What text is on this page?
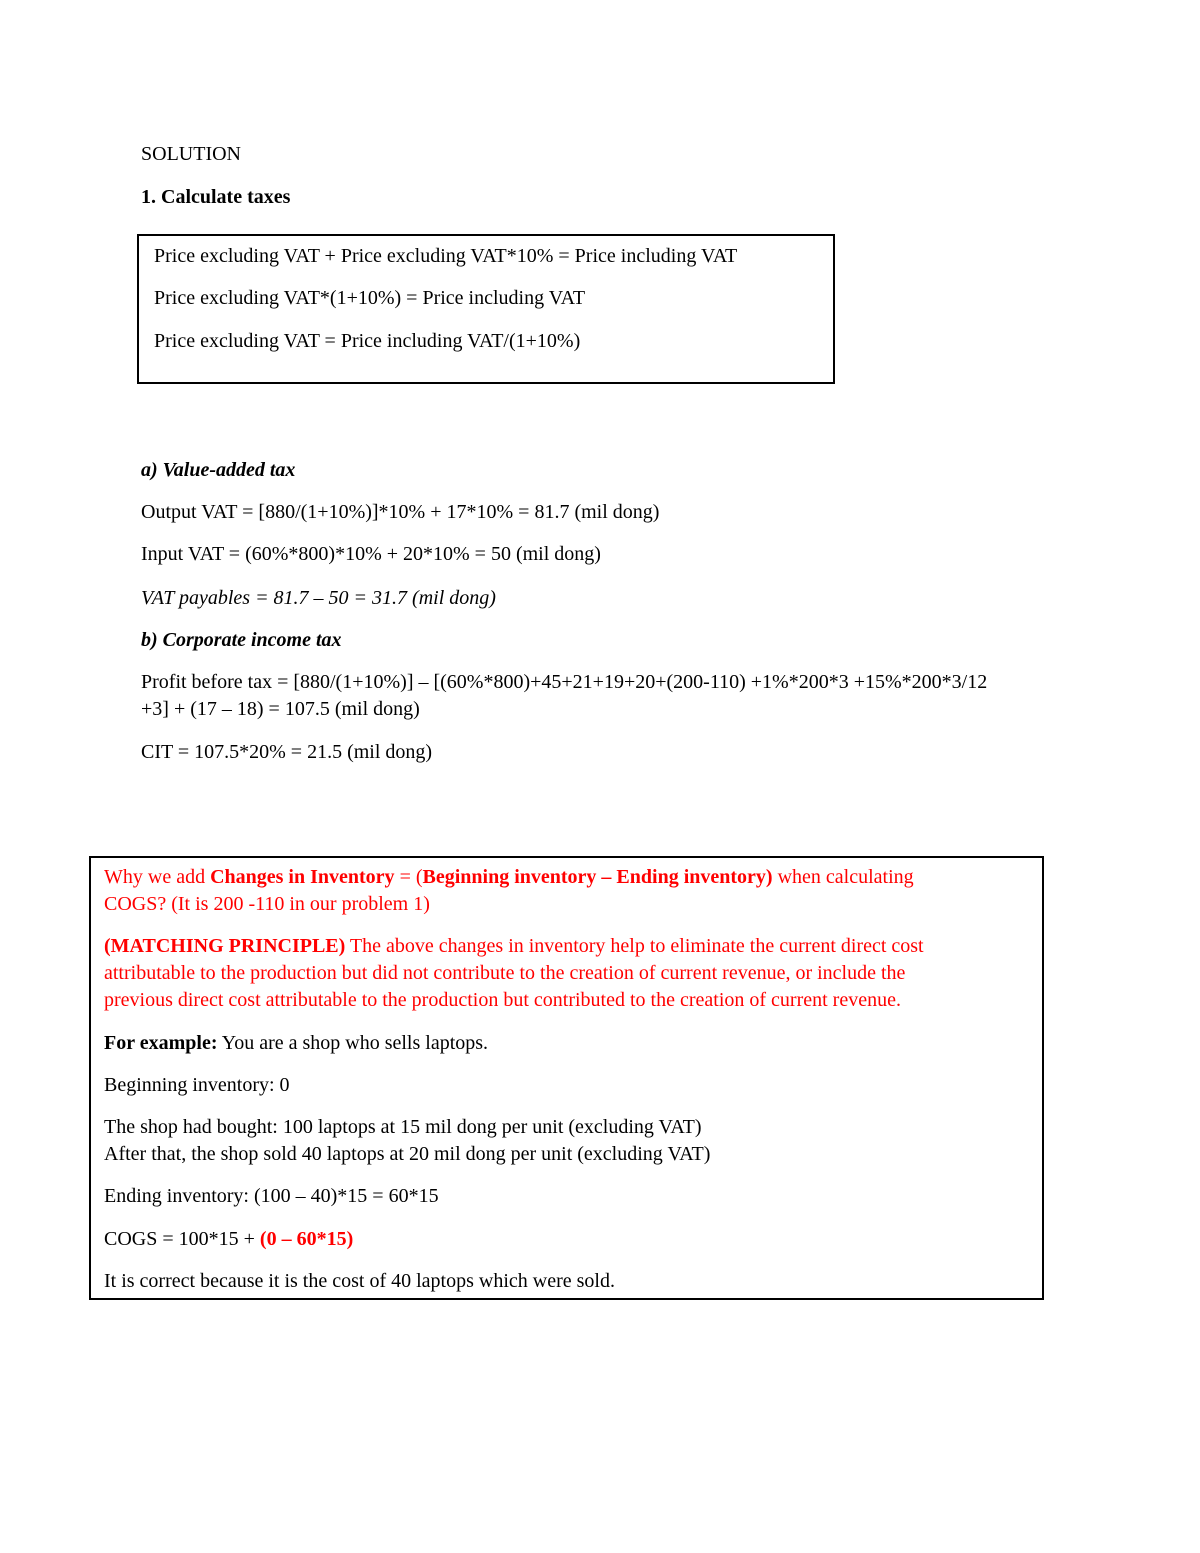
SOLUTION
1. Calculate taxes
Price excluding VAT + Price excluding VAT*10% = Price including VAT
Price excluding VAT*(1+10%) = Price including VAT
Price excluding VAT = Price including VAT/(1+10%)
a) Value-added tax
Output VAT = [880/(1+10%)]*10% + 17*10% = 81.7 (mil dong)
Input VAT = (60%*800)*10% + 20*10% = 50 (mil dong)
VAT payables = 81.7 – 50 = 31.7 (mil dong)
b) Corporate income tax
Profit before tax = [880/(1+10%)] – [(60%*800)+45+21+19+20+(200-110) +1%*200*3 +15%*200*3/12
+3] + (17 – 18) = 107.5 (mil dong)
CIT = 107.5*20% = 21.5 (mil dong)
Why we add Changes in Inventory = (Beginning inventory – Ending inventory) when calculating
COGS? (It is 200 -110 in our problem 1)
(MATCHING PRINCIPLE) The above changes in inventory help to eliminate the current direct cost
attributable to the production but did not contribute to the creation of current revenue, or include the
previous direct cost attributable to the production but contributed to the creation of current revenue.
For example: You are a shop who sells laptops.
Beginning inventory: 0
The shop had bought: 100 laptops at 15 mil dong per unit (excluding VAT)
After that, the shop sold 40 laptops at 20 mil dong per unit (excluding VAT)
Ending inventory: (100 – 40)*15 = 60*15
COGS = 100*15 + (0 – 60*15)
It is correct because it is the cost of 40 laptops which were sold.
